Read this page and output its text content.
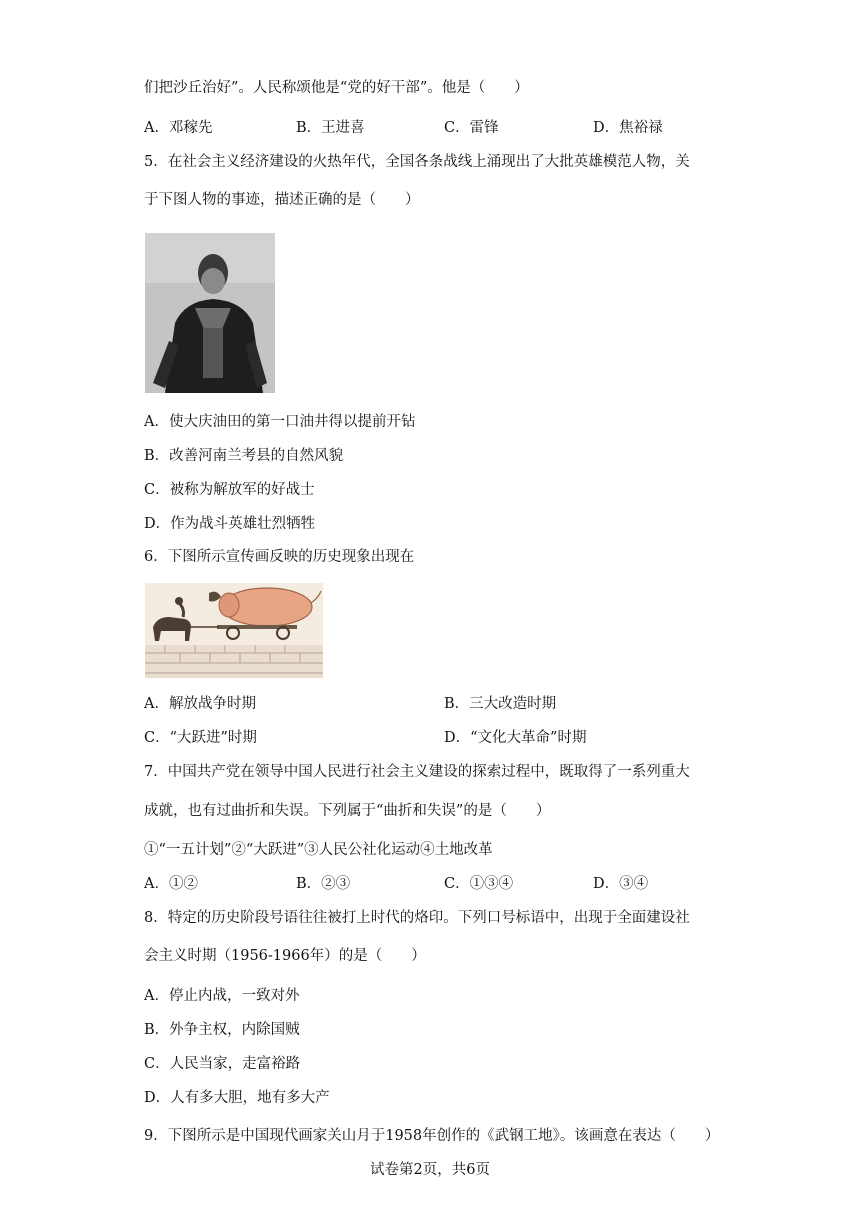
们把沙丘治好”。人民称颂他是“党的好干部”。他是（　　）
A．邓稼先	B．王进喜	C．雷锋	D．焦裕禄
5．在社会主义经济建设的火热年代，全国各条战线上涌现出了大批英雄模范人物，关
于下图人物的事迹，描述正确的是（　　）
A．使大庆油田的第一口油井得以提前开钻
B．改善河南兰考县的自然风貌
C．被称为解放军的好战士
D．作为战斗英雄壮烈牺牲
6．下图所示宣传画反映的历史现象出现在
A．解放战争时期	B．三大改造时期
C．“大跃进”时期	D．“文化大革命”时期
7．中国共产党在领导中国人民进行社会主义建设的探索过程中，既取得了一系列重大
成就，也有过曲折和失误。下列属于“曲折和失误”的是（　　）
①“一五计划”②“大跃进”③人民公社化运动④土地改革
A．①②	B．②③	C．①③④	D．③④
8．特定的历史阶段号语往往被打上时代的烙印。下列口号标语中，出现于全面建设社
会主义时期（1956-1966年）的是（　　）
A．停止内战，一致对外
B．外争主权，内除国贼
C．人民当家，走富裕路
D．人有多大胆，地有多大产
9．下图所示是中国现代画家关山月于1958年创作的《武钢工地》。该画意在表达（　　）
试卷第2页，共6页
